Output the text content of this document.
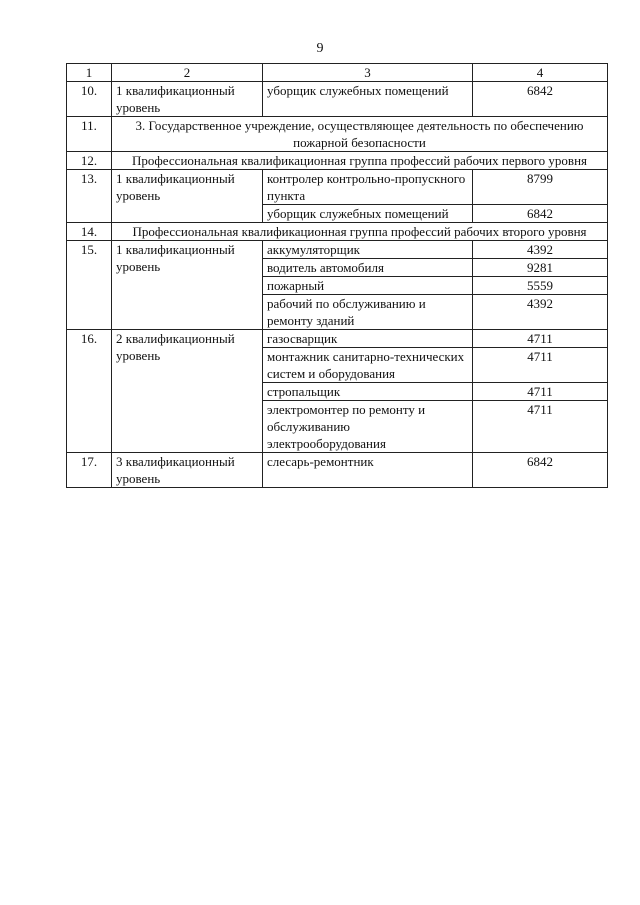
9
1	2	3	4
10.	1 квалификационный уровень	уборщик служебных помещений	6842
11.	3. Государственное учреждение, осуществляющее деятельность по обеспечению пожарной безопасности		
12.	Профессиональная квалификационная группа профессий рабочих первого уровня		
13.	1 квалификационный уровень	контролер контрольно-пропускного пункта	8799
		уборщик служебных помещений	6842
14.	Профессиональная квалификационная группа профессий рабочих второго уровня		
15.	1 квалификационный уровень	аккумуляторщик	4392
		водитель автомобиля	9281
		пожарный	5559
		рабочий по обслуживанию и ремонту зданий	4392
16.	2 квалификационный уровень	газосварщик	4711
		монтажник санитарно-технических систем и оборудования	4711
		стропальщик	4711
		электромонтер по ремонту и обслуживанию электрооборудования	4711
17.	3 квалификационный уровень	слесарь-ремонтник	6842
